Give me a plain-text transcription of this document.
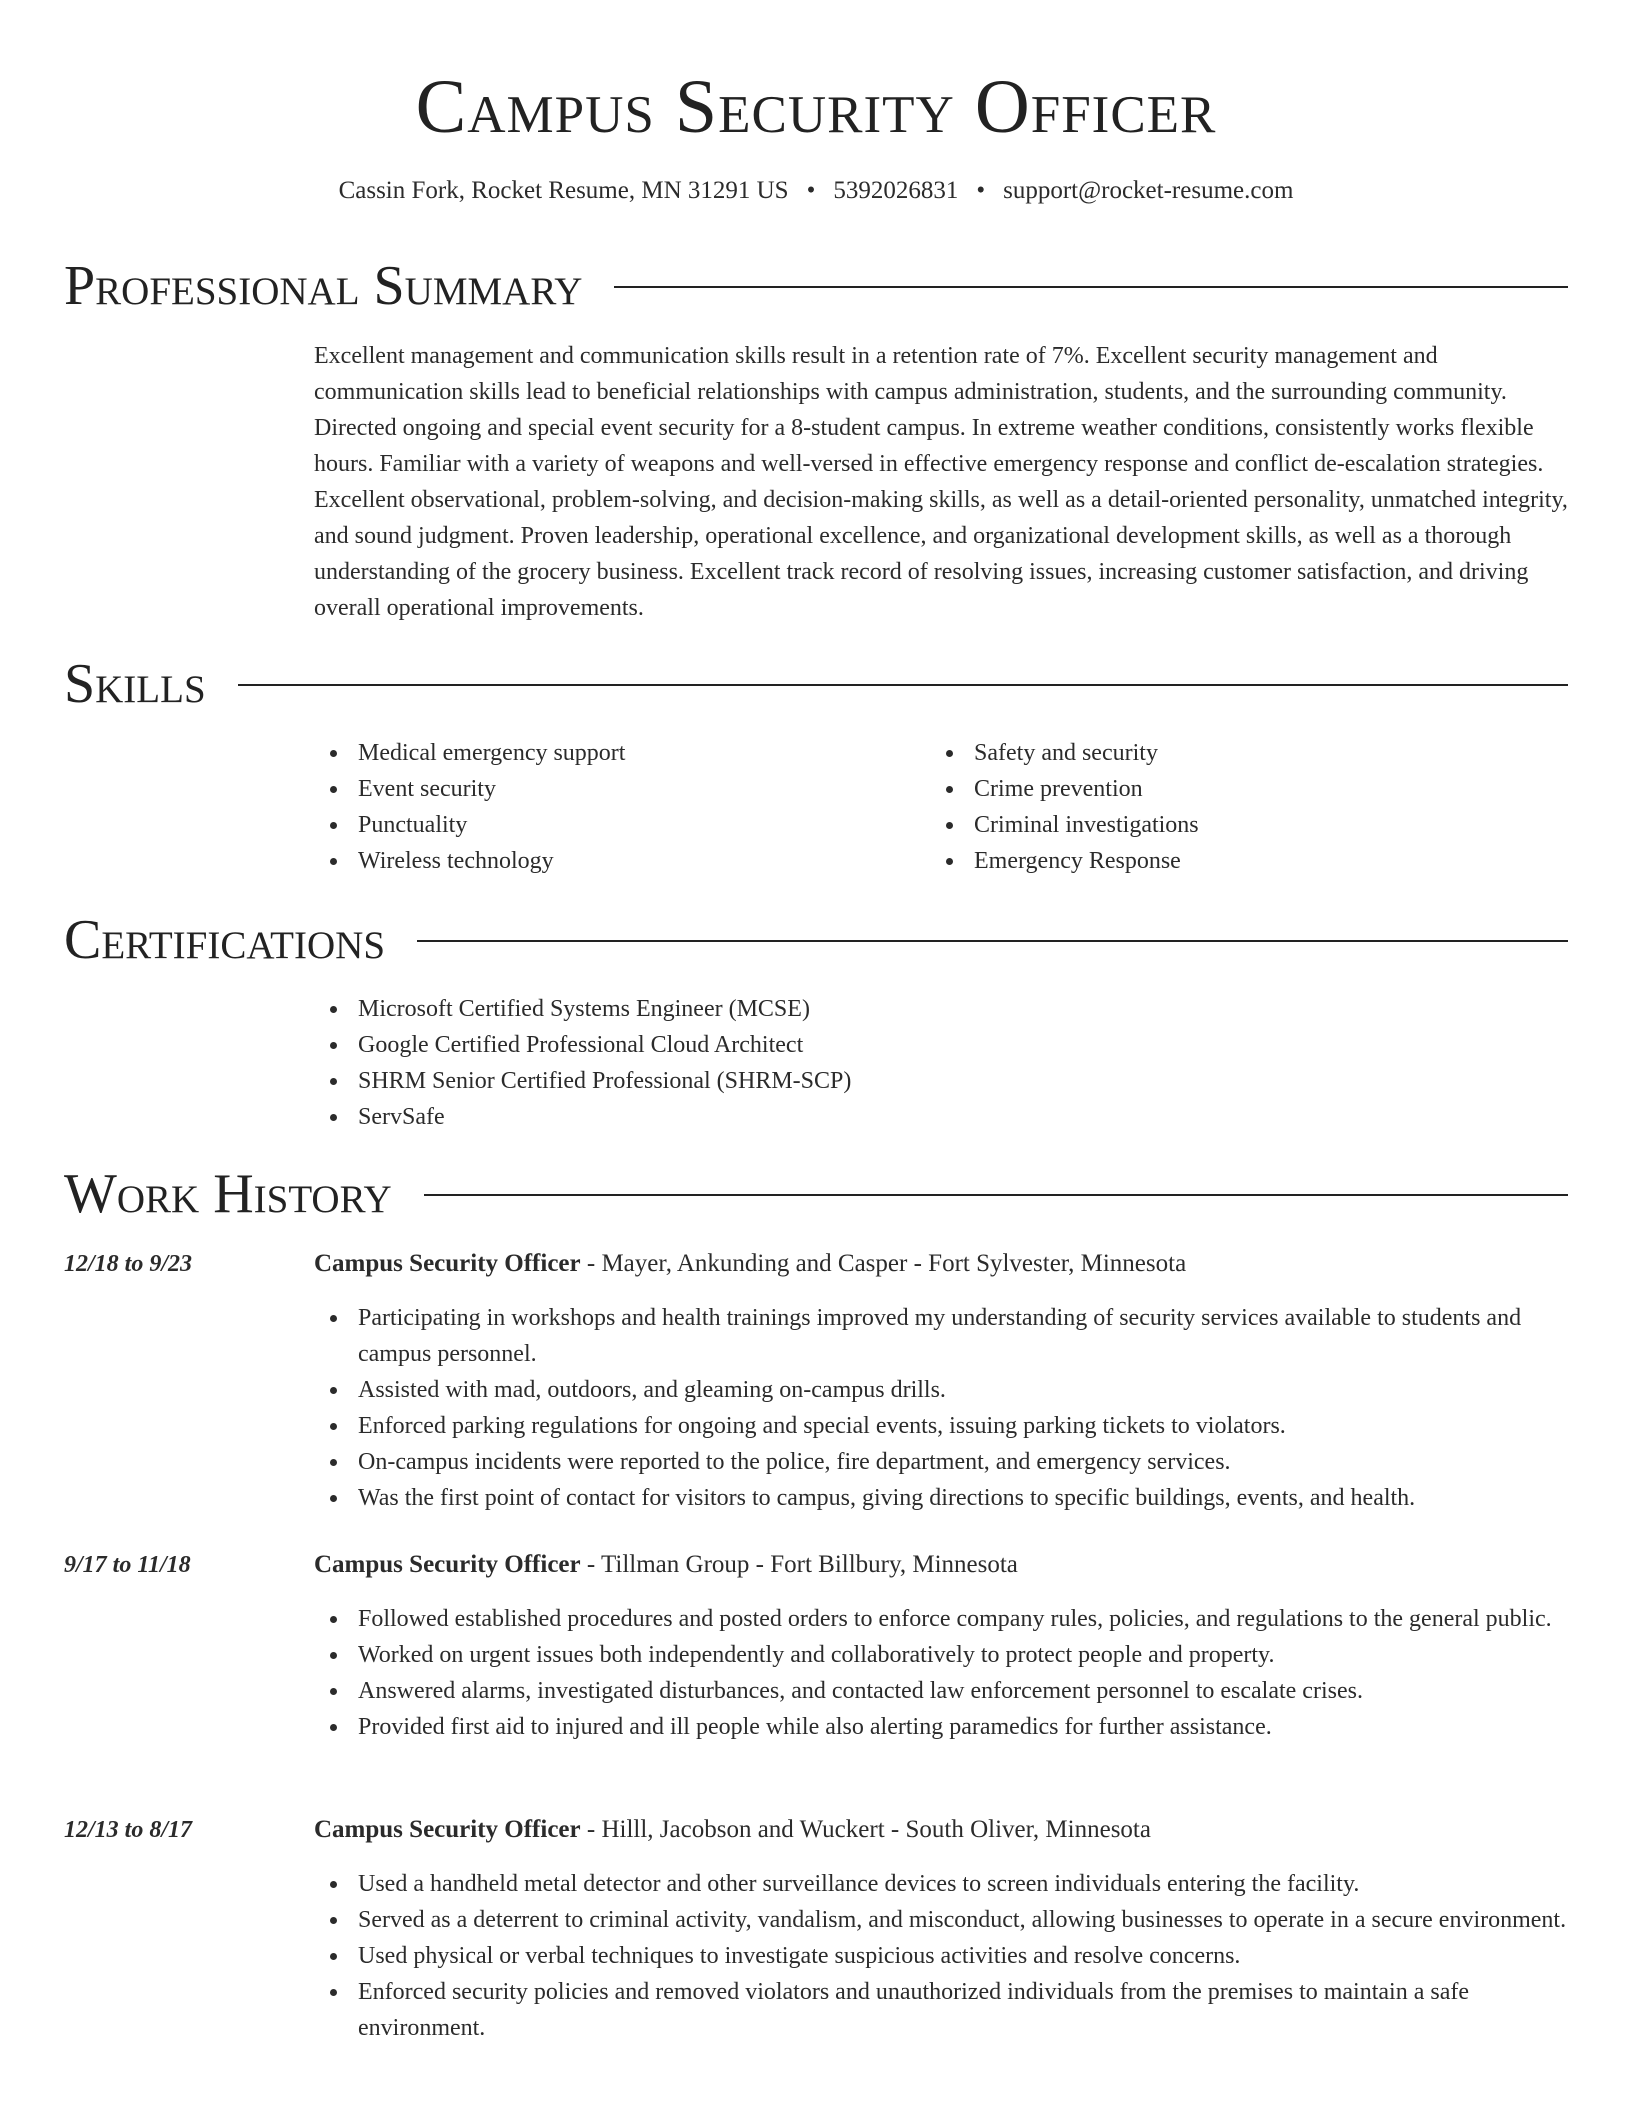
Campus Security Officer
Cassin Fork, Rocket Resume, MN 31291 US • 5392026831 • support@rocket-resume.com
Professional Summary
Excellent management and communication skills result in a retention rate of 7%. Excellent security management and communication skills lead to beneficial relationships with campus administration, students, and the surrounding community. Directed ongoing and special event security for a 8-student campus. In extreme weather conditions, consistently works flexible hours. Familiar with a variety of weapons and well-versed in effective emergency response and conflict de-escalation strategies. Excellent observational, problem-solving, and decision-making skills, as well as a detail-oriented personality, unmatched integrity, and sound judgment. Proven leadership, operational excellence, and organizational development skills, as well as a thorough understanding of the grocery business. Excellent track record of resolving issues, increasing customer satisfaction, and driving overall operational improvements.
Skills
Medical emergency support
Event security
Punctuality
Wireless technology
Safety and security
Crime prevention
Criminal investigations
Emergency Response
Certifications
Microsoft Certified Systems Engineer (MCSE)
Google Certified Professional Cloud Architect
SHRM Senior Certified Professional (SHRM-SCP)
ServSafe
Work History
12/18 to 9/23	Campus Security Officer - Mayer, Ankunding and Casper - Fort Sylvester, Minnesota
Participating in workshops and health trainings improved my understanding of security services available to students and campus personnel.
Assisted with mad, outdoors, and gleaming on-campus drills.
Enforced parking regulations for ongoing and special events, issuing parking tickets to violators.
On-campus incidents were reported to the police, fire department, and emergency services.
Was the first point of contact for visitors to campus, giving directions to specific buildings, events, and health.
9/17 to 11/18	Campus Security Officer - Tillman Group - Fort Billbury, Minnesota
Followed established procedures and posted orders to enforce company rules, policies, and regulations to the general public.
Worked on urgent issues both independently and collaboratively to protect people and property.
Answered alarms, investigated disturbances, and contacted law enforcement personnel to escalate crises.
Provided first aid to injured and ill people while also alerting paramedics for further assistance.
12/13 to 8/17	Campus Security Officer - Hilll, Jacobson and Wuckert - South Oliver, Minnesota
Used a handheld metal detector and other surveillance devices to screen individuals entering the facility.
Served as a deterrent to criminal activity, vandalism, and misconduct, allowing businesses to operate in a secure environment.
Used physical or verbal techniques to investigate suspicious activities and resolve concerns.
Enforced security policies and removed violators and unauthorized individuals from the premises to maintain a safe environment.
